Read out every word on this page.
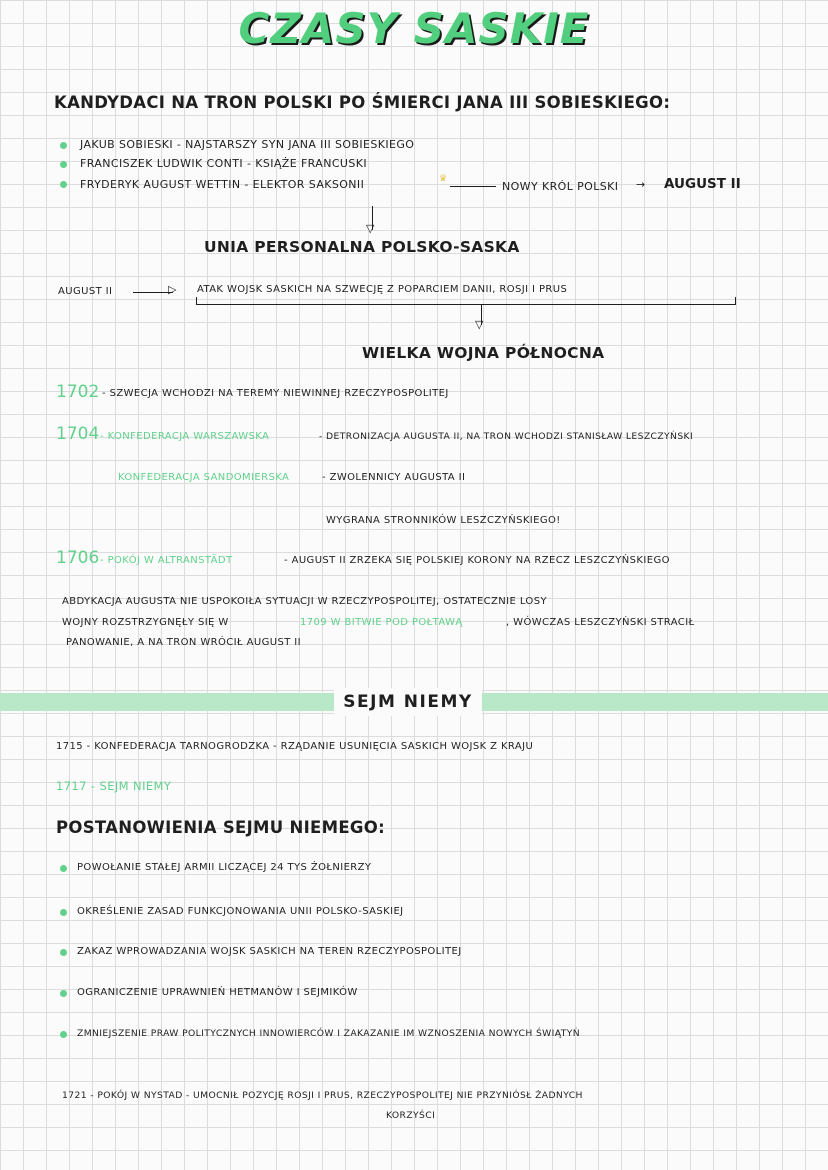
CZASY SASKIE
KANDYDACI NA TRON POLSKI PO ŚMIERCI JANA III SOBIESKIEGO:
JAKUB SOBIESKI - NAJSTARSZY SYN JANA III SOBIESKIEGO
FRANCISZEK LUDWIK CONTI - KSIĄŻE FRANCUSKI
FRYDERYK AUGUST WETTIN - ELEKTOR SAKSONII	♛
NOWY KRÓL POLSKI → AUGUST II
▽
UNIA PERSONALNA POLSKO-SASKA
AUGUST II	▷ ATAK WOJSK SASKICH NA SZWECJĘ Z POPARCIEM DANII, ROSJI I PRUS
▽
WIELKA WOJNA PÓŁNOCNA
1702 - SZWECJA WCHODZI NA TEREMY NIEWINNEJ RZECZYPOSPOLITEJ
1704 - KONFEDERACJA WARSZAWSKA	- DETRONIZACJA AUGUSTA II, NA TRON WCHODZI STANISŁAW LESZCZYŃSKI
KONFEDERACJA SANDOMIERSKA	- ZWOLENNICY AUGUSTA II
WYGRANA STRONNIKÓW LESZCZYŃSKIEGO!
1706 - POKÓJ W ALTRANSTÄDT	- AUGUST II ZRZEKA SIĘ POLSKIEJ KORONY NA RZECZ LESZCZYŃSKIEGO
ABDYKACJA AUGUSTA NIE USPOKOIŁA SYTUACJI W RZECZYPOSPOLITEJ, OSTATECZNIE LOSY
WOJNY ROZSTRZYGNĘŁY SIĘ W	1709 W BITWIE POD POŁTAWĄ	, WÓWCZAS LESZCZYŃSKI STRACIŁ
PANOWANIE, A NA TRON WRÓCIŁ AUGUST II
SEJM NIEMY
1715 - KONFEDERACJA TARNOGRODZKA - RZĄDANIE USUNIĘCIA SASKICH WOJSK Z KRAJU
1717 - SEJM NIEMY
POSTANOWIENIA SEJMU NIEMEGO:
POWOŁANIE STAŁEJ ARMII LICZĄCEJ 24 TYS ŻOŁNIERZY
OKREŚLENIE ZASAD FUNKCJONOWANIA UNII POLSKO-SASKIEJ
ZAKAZ WPROWADZANIA WOJSK SASKICH NA TEREN RZECZYPOSPOLITEJ
OGRANICZENIE UPRAWNIEŃ HETMANÓW I SEJMIKÓW
ZMNIEJSZENIE PRAW POLITYCZNYCH INNOWIERCÓW I ZAKAZANIE IM WZNOSZENIA NOWYCH ŚWIĄTYŃ
1721 - POKÓJ W NYSTAD - UMOCNIŁ POZYCJĘ ROSJI I PRUS, RZECZYPOSPOLITEJ NIE PRZYNIÓSŁ ŻADNYCH
KORZYŚCI
